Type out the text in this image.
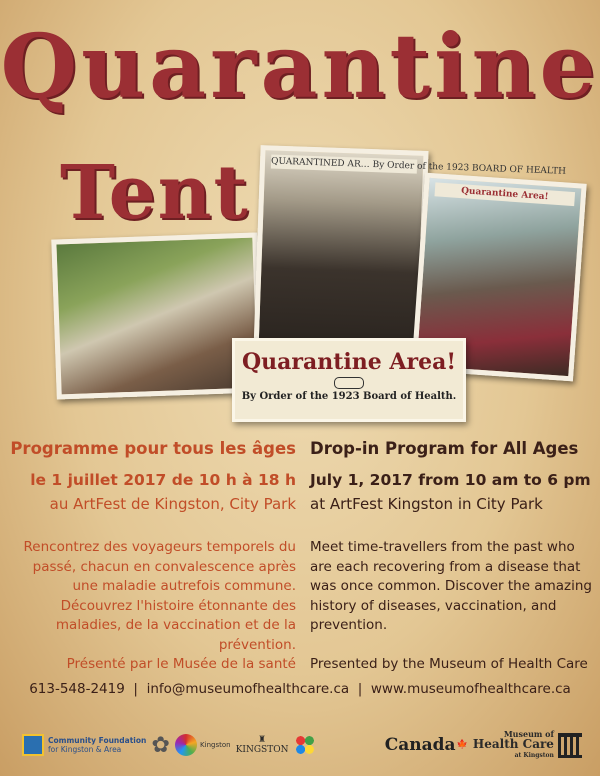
Quarantine
Tent	QUARANTINED AR… By Order of the 1923 BOARD OF HEALTH
Quarantine Area!
Quarantine Area!
By Order of the 1923 Board of Health.

Programme pour tous les âges

le 1 juillet 2017 de 10 h à 18 h

au ArtFest de Kingston, City Park

Rencontrez des voyageurs temporels du passé, chacun en convalescence après une maladie autrefois commune. Découvrez l'histoire étonnante des maladies, de la vaccination et de la prévention.

Présenté par le Musée de la santé

Drop-in Program for All Ages

July 1, 2017 from 10 am to 6 pm

at ArtFest Kingston in City Park

Meet time-travellers from the past who are each recovering from a disease that was once common. Discover the amazing history of diseases, vaccination, and prevention.

Presented by the Museum of Health Care

613-548-2419 | info@museumofhealthcare.ca | www.museumofhealthcare.ca
Community Foundation
for Kingston & Area	✿	Kingston	♜
KINGSTON	Canada 🍁
Museum of
Health Care
at Kingston
